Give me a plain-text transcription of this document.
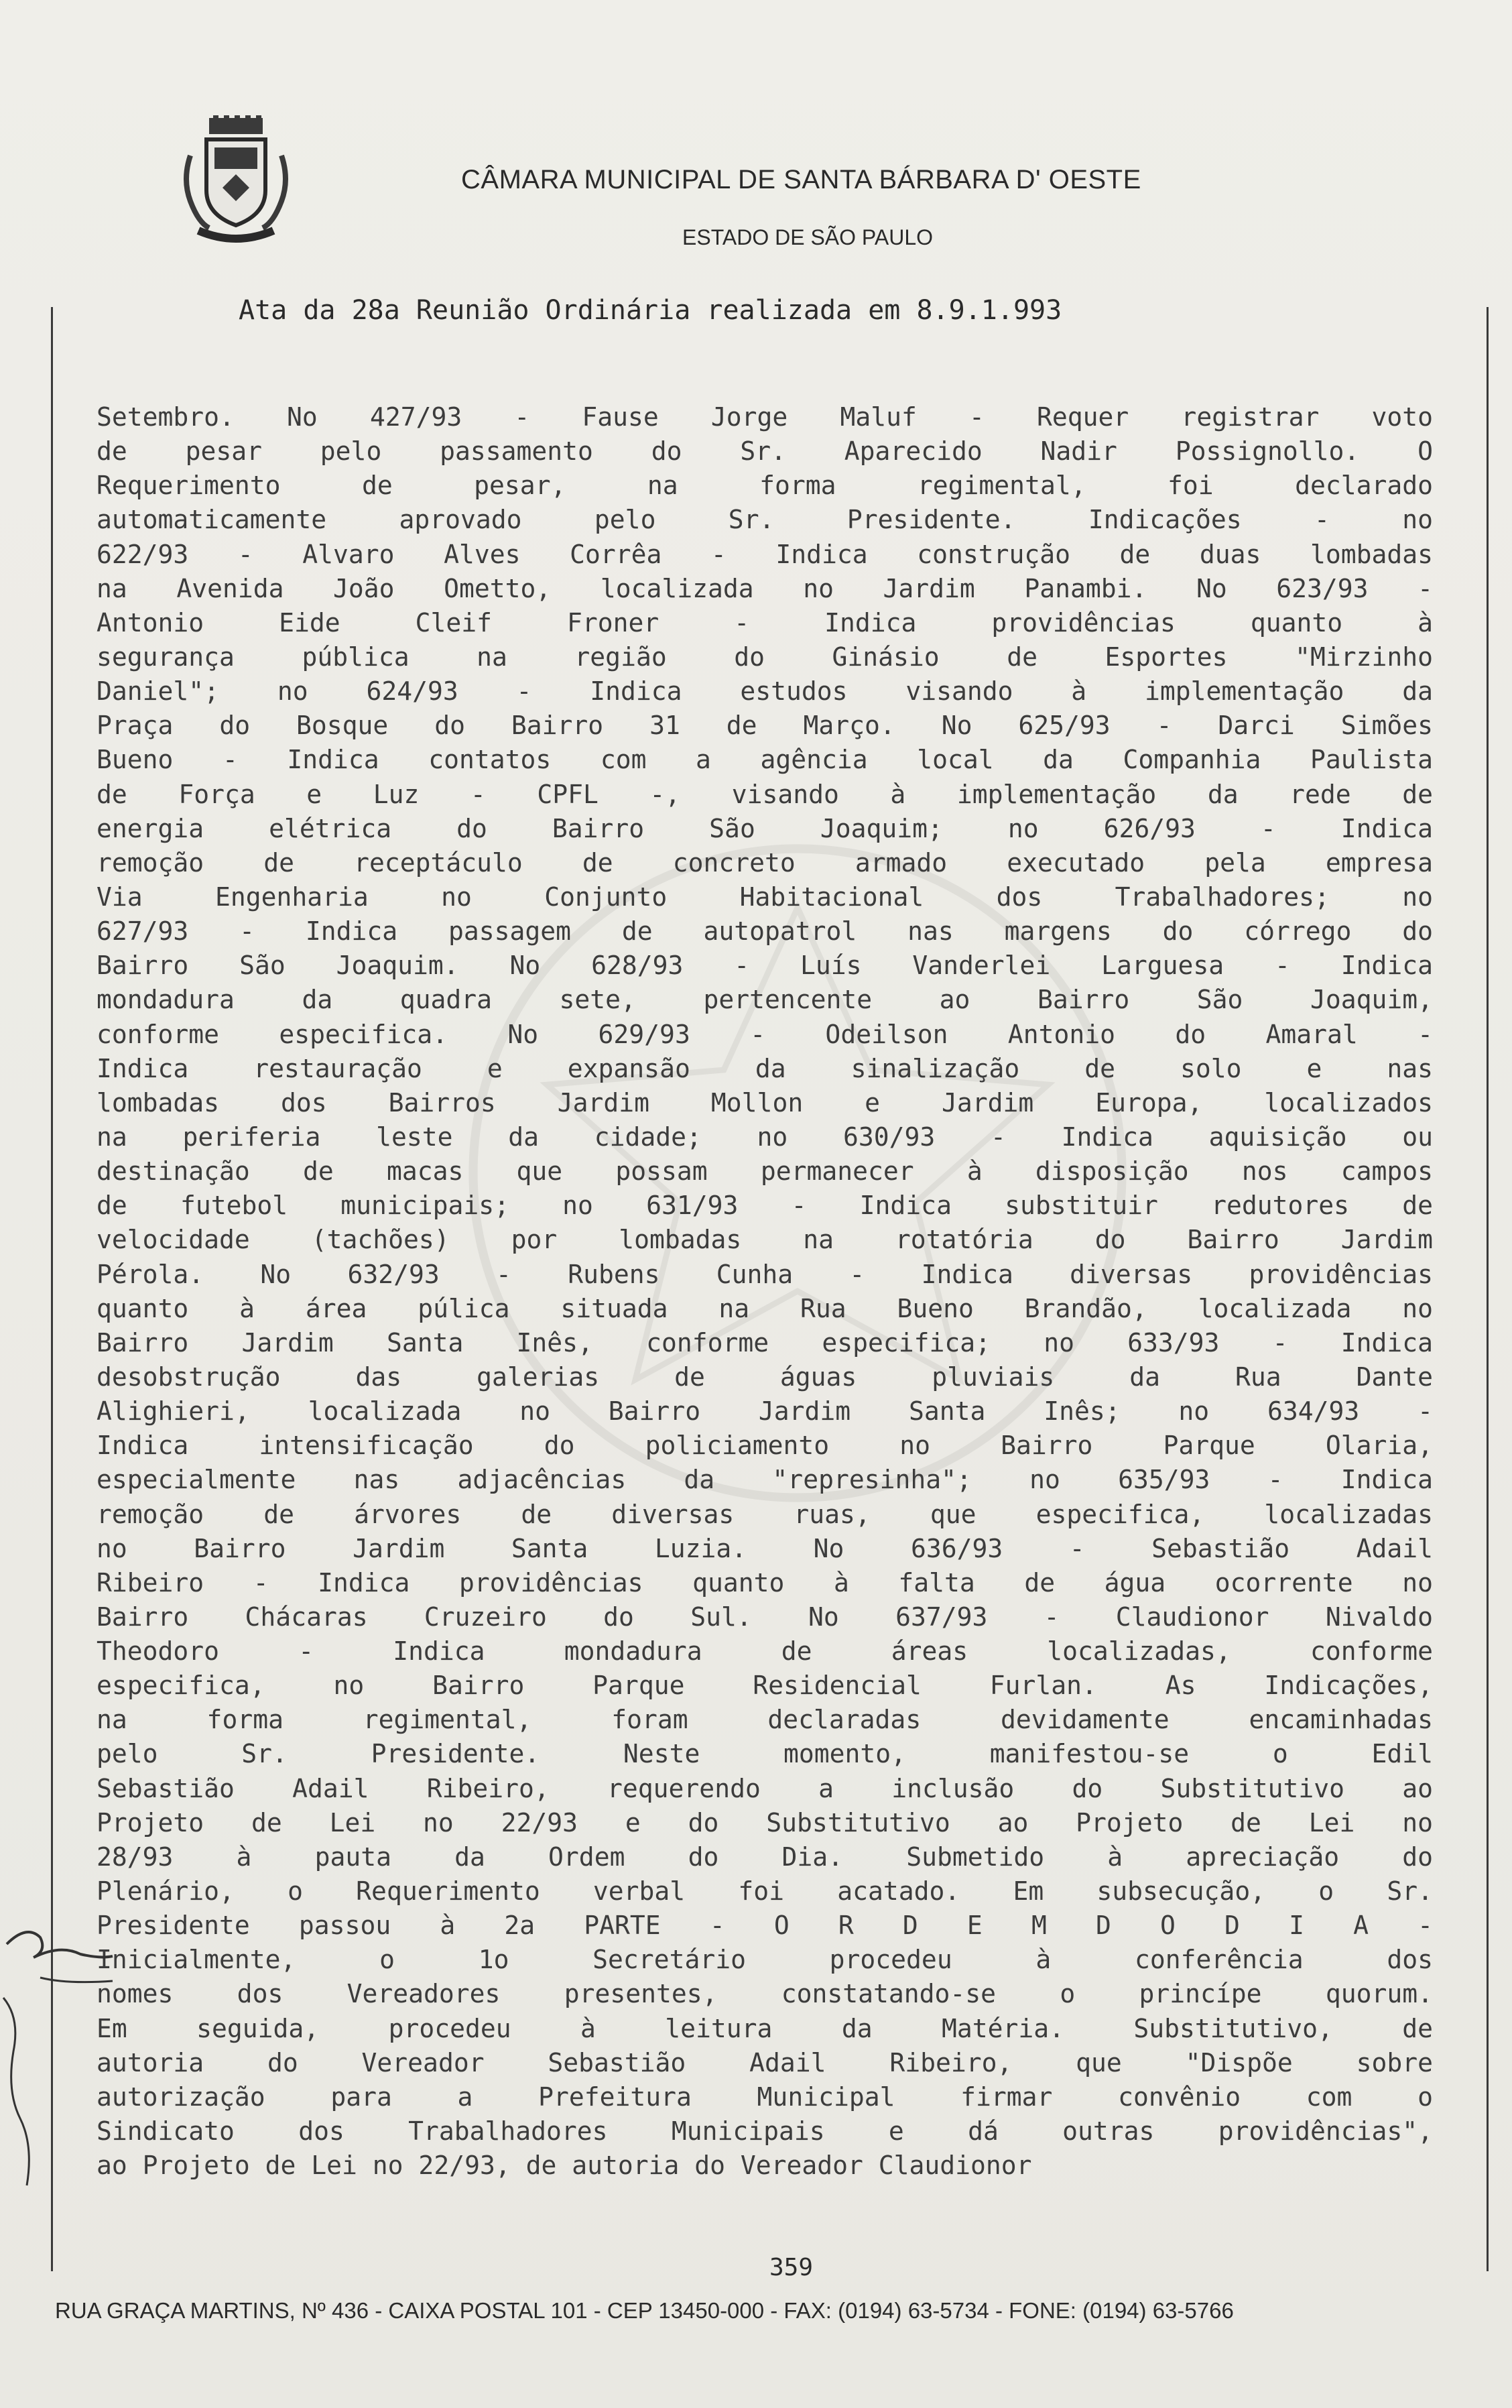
CÂMARA MUNICIPAL DE SANTA BÁRBARA D' OESTE
ESTADO DE SÃO PAULO
Ata da 28a Reunião Ordinária realizada em 8.9.1.993
Setembro. No 427/93 - Fause Jorge Maluf - Requer registrar voto
de pesar pelo passamento do Sr. Aparecido Nadir Possignollo. O
Requerimento de pesar, na forma regimental, foi declarado
automaticamente aprovado pelo Sr. Presidente. Indicações - no
622/93 - Alvaro Alves Corrêa - Indica construção de duas lombadas
na Avenida João Ometto, localizada no Jardim Panambi. No 623/93 -
Antonio Eide Cleif Froner - Indica providências quanto à
segurança pública na região do Ginásio de Esportes "Mirzinho
Daniel"; no 624/93 - Indica estudos visando à implementação da
Praça do Bosque do Bairro 31 de Março. No 625/93 - Darci Simões
Bueno - Indica contatos com a agência local da Companhia Paulista
de Força e Luz - CPFL -, visando à implementação da rede de
energia elétrica do Bairro São Joaquim; no 626/93 - Indica
remoção de receptáculo de concreto armado executado pela empresa
Via Engenharia no Conjunto Habitacional dos Trabalhadores; no
627/93 - Indica passagem de autopatrol nas margens do córrego do
Bairro São Joaquim. No 628/93 - Luís Vanderlei Larguesa - Indica
mondadura da quadra sete, pertencente ao Bairro São Joaquim,
conforme especifica. No 629/93 - Odeilson Antonio do Amaral -
Indica restauração e expansão da sinalização de solo e nas
lombadas dos Bairros Jardim Mollon e Jardim Europa, localizados
na periferia leste da cidade; no 630/93 - Indica aquisição ou
destinação de macas que possam permanecer à disposição nos campos
de futebol municipais; no 631/93 - Indica substituir redutores de
velocidade (tachões) por lombadas na rotatória do Bairro Jardim
Pérola. No 632/93 - Rubens Cunha - Indica diversas providências
quanto à área púlica situada na Rua Bueno Brandão, localizada no
Bairro Jardim Santa Inês, conforme especifica; no 633/93 - Indica
desobstrução das galerias de águas pluviais da Rua Dante
Alighieri, localizada no Bairro Jardim Santa Inês; no 634/93 -
Indica intensificação do policiamento no Bairro Parque Olaria,
especialmente nas adjacências da "represinha"; no 635/93 - Indica
remoção de árvores de diversas ruas, que especifica, localizadas
no Bairro Jardim Santa Luzia. No 636/93 - Sebastião Adail
Ribeiro - Indica providências quanto à falta de água ocorrente no
Bairro Chácaras Cruzeiro do Sul. No 637/93 - Claudionor Nivaldo
Theodoro - Indica mondadura de áreas localizadas, conforme
especifica, no Bairro Parque Residencial Furlan. As Indicações,
na forma regimental, foram declaradas devidamente encaminhadas
pelo Sr. Presidente. Neste momento, manifestou-se o Edil
Sebastião Adail Ribeiro, requerendo a inclusão do Substitutivo ao
Projeto de Lei no 22/93 e do Substitutivo ao Projeto de Lei no
28/93 à pauta da Ordem do Dia. Submetido à apreciação do
Plenário, o Requerimento verbal foi acatado. Em subsecução, o Sr.
Presidente passou à 2a PARTE - O R D E M D O D I A -
Inicialmente, o 1o Secretário procedeu à conferência dos
nomes dos Vereadores presentes, constatando-se o princípe quorum.
Em seguida, procedeu à leitura da Matéria. Substitutivo, de
autoria do Vereador Sebastião Adail Ribeiro, que "Dispõe sobre
autorização para a Prefeitura Municipal firmar convênio com o
Sindicato dos Trabalhadores Municipais e dá outras providências",
ao Projeto de Lei no 22/93, de autoria do Vereador Claudionor
359
RUA GRAÇA MARTINS, Nº 436 - CAIXA POSTAL 101 - CEP 13450-000 - FAX: (0194) 63-5734 - FONE: (0194) 63-5766
